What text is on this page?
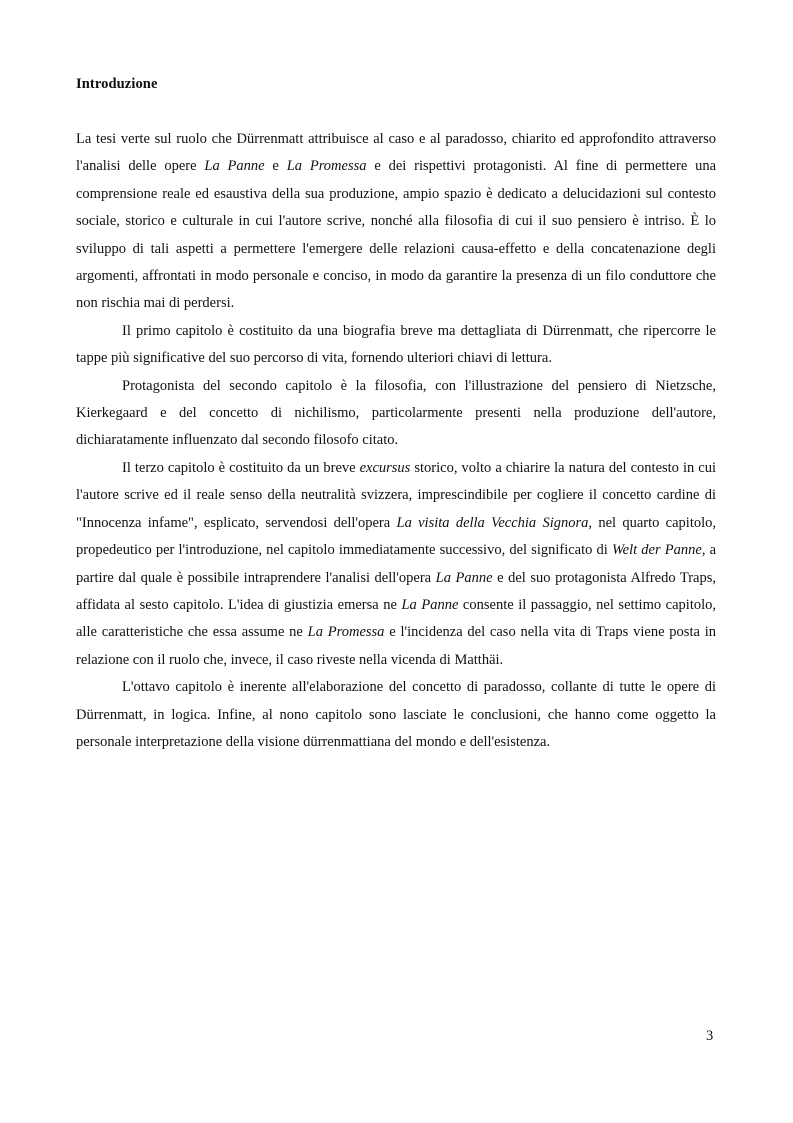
Introduzione

La tesi verte sul ruolo che Dürrenmatt attribuisce al caso e al paradosso, chiarito ed approfondito attraverso l'analisi delle opere La Panne e La Promessa e dei rispettivi protagonisti. Al fine di permettere una comprensione reale ed esaustiva della sua produzione, ampio spazio è dedicato a delucidazioni sul contesto sociale, storico e culturale in cui l'autore scrive, nonché alla filosofia di cui il suo pensiero è intriso. È lo sviluppo di tali aspetti a permettere l'emergere delle relazioni causa-effetto e della concatenazione degli argomenti, affrontati in modo personale e conciso, in modo da garantire la presenza di un filo conduttore che non rischia mai di perdersi.

Il primo capitolo è costituito da una biografia breve ma dettagliata di Dürrenmatt, che ripercorre le tappe più significative del suo percorso di vita, fornendo ulteriori chiavi di lettura.

Protagonista del secondo capitolo è la filosofia, con l'illustrazione del pensiero di Nietzsche, Kierkegaard e del concetto di nichilismo, particolarmente presenti nella produzione dell'autore, dichiaratamente influenzato dal secondo filosofo citato.

Il terzo capitolo è costituito da un breve excursus storico, volto a chiarire la natura del contesto in cui l'autore scrive ed il reale senso della neutralità svizzera, imprescindibile per cogliere il concetto cardine di "Innocenza infame", esplicato, servendosi dell'opera La visita della Vecchia Signora, nel quarto capitolo, propedeutico per l'introduzione, nel capitolo immediatamente successivo, del significato di Welt der Panne, a partire dal quale è possibile intraprendere l'analisi dell'opera La Panne e del suo protagonista Alfredo Traps, affidata al sesto capitolo. L'idea di giustizia emersa ne La Panne consente il passaggio, nel settimo capitolo, alle caratteristiche che essa assume ne La Promessa e l'incidenza del caso nella vita di Traps viene posta in relazione con il ruolo che, invece, il caso riveste nella vicenda di Matthäi.

L'ottavo capitolo è inerente all'elaborazione del concetto di paradosso, collante di tutte le opere di Dürrenmatt, in logica. Infine, al nono capitolo sono lasciate le conclusioni, che hanno come oggetto la personale interpretazione della visione dürrenmattiana del mondo e dell'esistenza.

3
